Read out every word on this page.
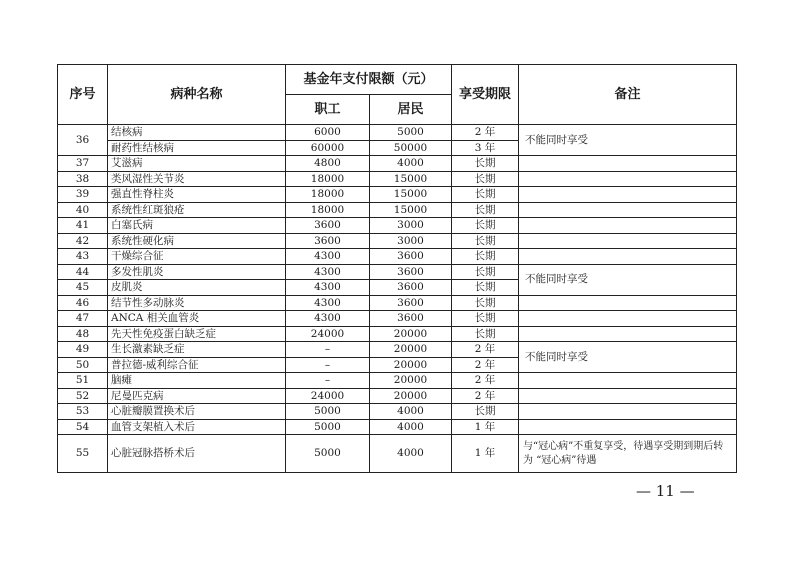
序号	病种名称	基金年支付限额（元）		享受期限	备注
		职工	居民		
36	结核病	6000	5000	2 年	不能同时享受
	耐药性结核病	60000	50000	3 年	
37	艾滋病	4800	4000	长期	
38	类风湿性关节炎	18000	15000	长期	
39	强直性脊柱炎	18000	15000	长期	
40	系统性红斑狼疮	18000	15000	长期	
41	白塞氏病	3600	3000	长期	
42	系统性硬化病	3600	3000	长期	
43	干燥综合征	4300	3600	长期	
44	多发性肌炎	4300	3600	长期	不能同时享受
45	皮肌炎	4300	3600	长期	
46	结节性多动脉炎	4300	3600	长期	
47	ANCA 相关血管炎	4300	3600	长期	
48	先天性免疫蛋白缺乏症	24000	20000	长期	
49	生长激素缺乏症	–	20000	2 年	不能同时享受
50	普拉德-威利综合征	–	20000	2 年	
51	脑瘫	–	20000	2 年	
52	尼曼匹克病	24000	20000	2 年	
53	心脏瓣膜置换术后	5000	4000	长期	
54	血管支架植入术后	5000	4000	1 年	
55	心脏冠脉搭桥术后	5000	4000	1 年	与“冠心病”不重复享受，待遇享受期到期后转为 “冠心病”待遇
— 11 —
